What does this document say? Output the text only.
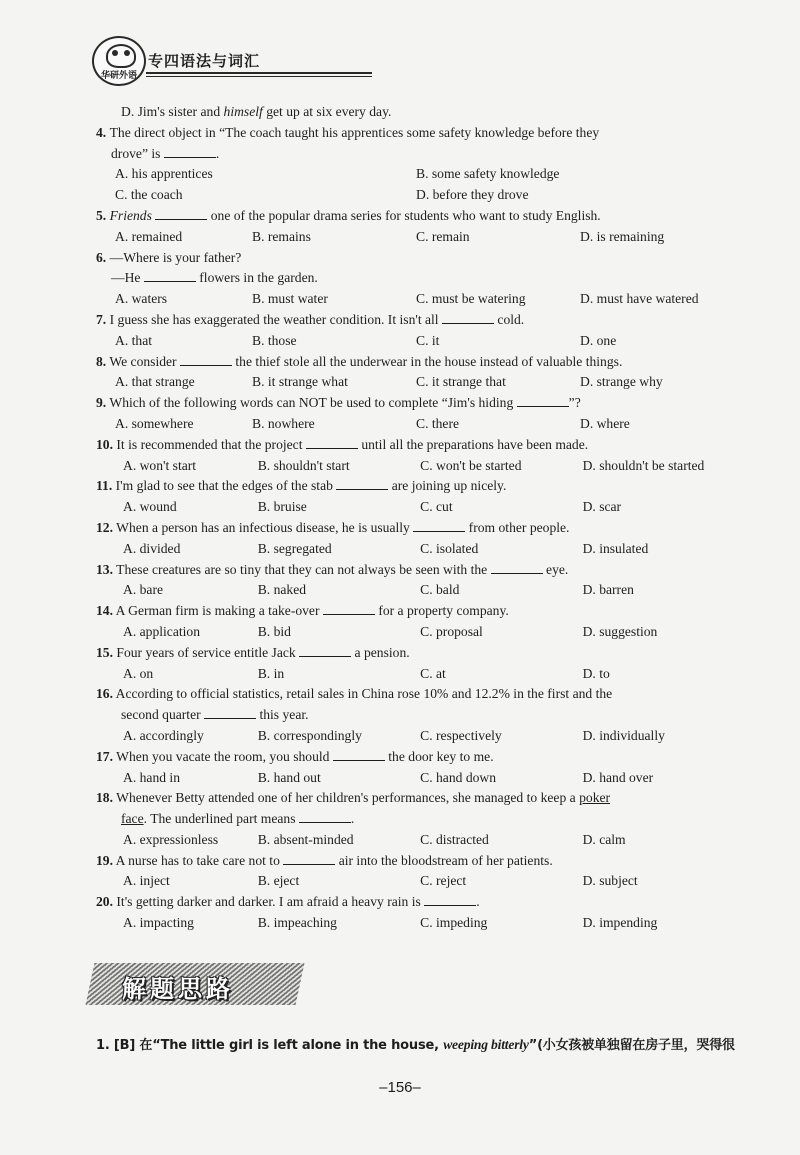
华研外语
专四语法与词汇
D. Jim's sister and himself get up at six every day.
4. The direct object in “The coach taught his apprentices some safety knowledge before they
drove” is	.
A. his apprentices	B. some safety knowledge
C. the coach	D. before they drove
5. Friends	one of the popular drama series for students who want to study English.
A. remained	B. remains	C. remain	D. is remaining
6. —Where is your father?
—He	flowers in the garden.
A. waters	B. must water	C. must be watering	D. must have watered
7. I guess she has exaggerated the weather condition. It isn't all	cold.
A. that	B. those	C. it	D. one
8. We consider	the thief stole all the underwear in the house instead of valuable things.
A. that strange	B. it strange what	C. it strange that	D. strange why
9. Which of the following words can NOT be used to complete “Jim's hiding	”?
A. somewhere	B. nowhere	C. there	D. where
10. It is recommended that the project	until all the preparations have been made.
A. won't start	B. shouldn't start	C. won't be started	D. shouldn't be started
11. I'm glad to see that the edges of the stab	are joining up nicely.
A. wound	B. bruise	C. cut	D. scar
12. When a person has an infectious disease, he is usually	from other people.
A. divided	B. segregated	C. isolated	D. insulated
13. These creatures are so tiny that they can not always be seen with the	eye.
A. bare	B. naked	C. bald	D. barren
14. A German firm is making a take-over	for a property company.
A. application	B. bid	C. proposal	D. suggestion
15. Four years of service entitle Jack	a pension.
A. on	B. in	C. at	D. to
16. According to official statistics, retail sales in China rose 10% and 12.2% in the first and the
second quarter	this year.
A. accordingly	B. correspondingly	C. respectively	D. individually
17. When you vacate the room, you should	the door key to me.
A. hand in	B. hand out	C. hand down	D. hand over
18. Whenever Betty attended one of her children's performances, she managed to keep a poker
face. The underlined part means	.
A. expressionless	B. absent-minded	C. distracted	D. calm
19. A nurse has to take care not to	air into the bloodstream of her patients.
A. inject	B. eject	C. reject	D. subject
20. It's getting darker and darker. I am afraid a heavy rain is	.
A. impacting	B. impeaching	C. impeding	D. impending
解题思路
1. [B] 在“The little girl is left alone in the house, weeping bitterly”(小女孩被单独留在房子里，哭得很
–156–
